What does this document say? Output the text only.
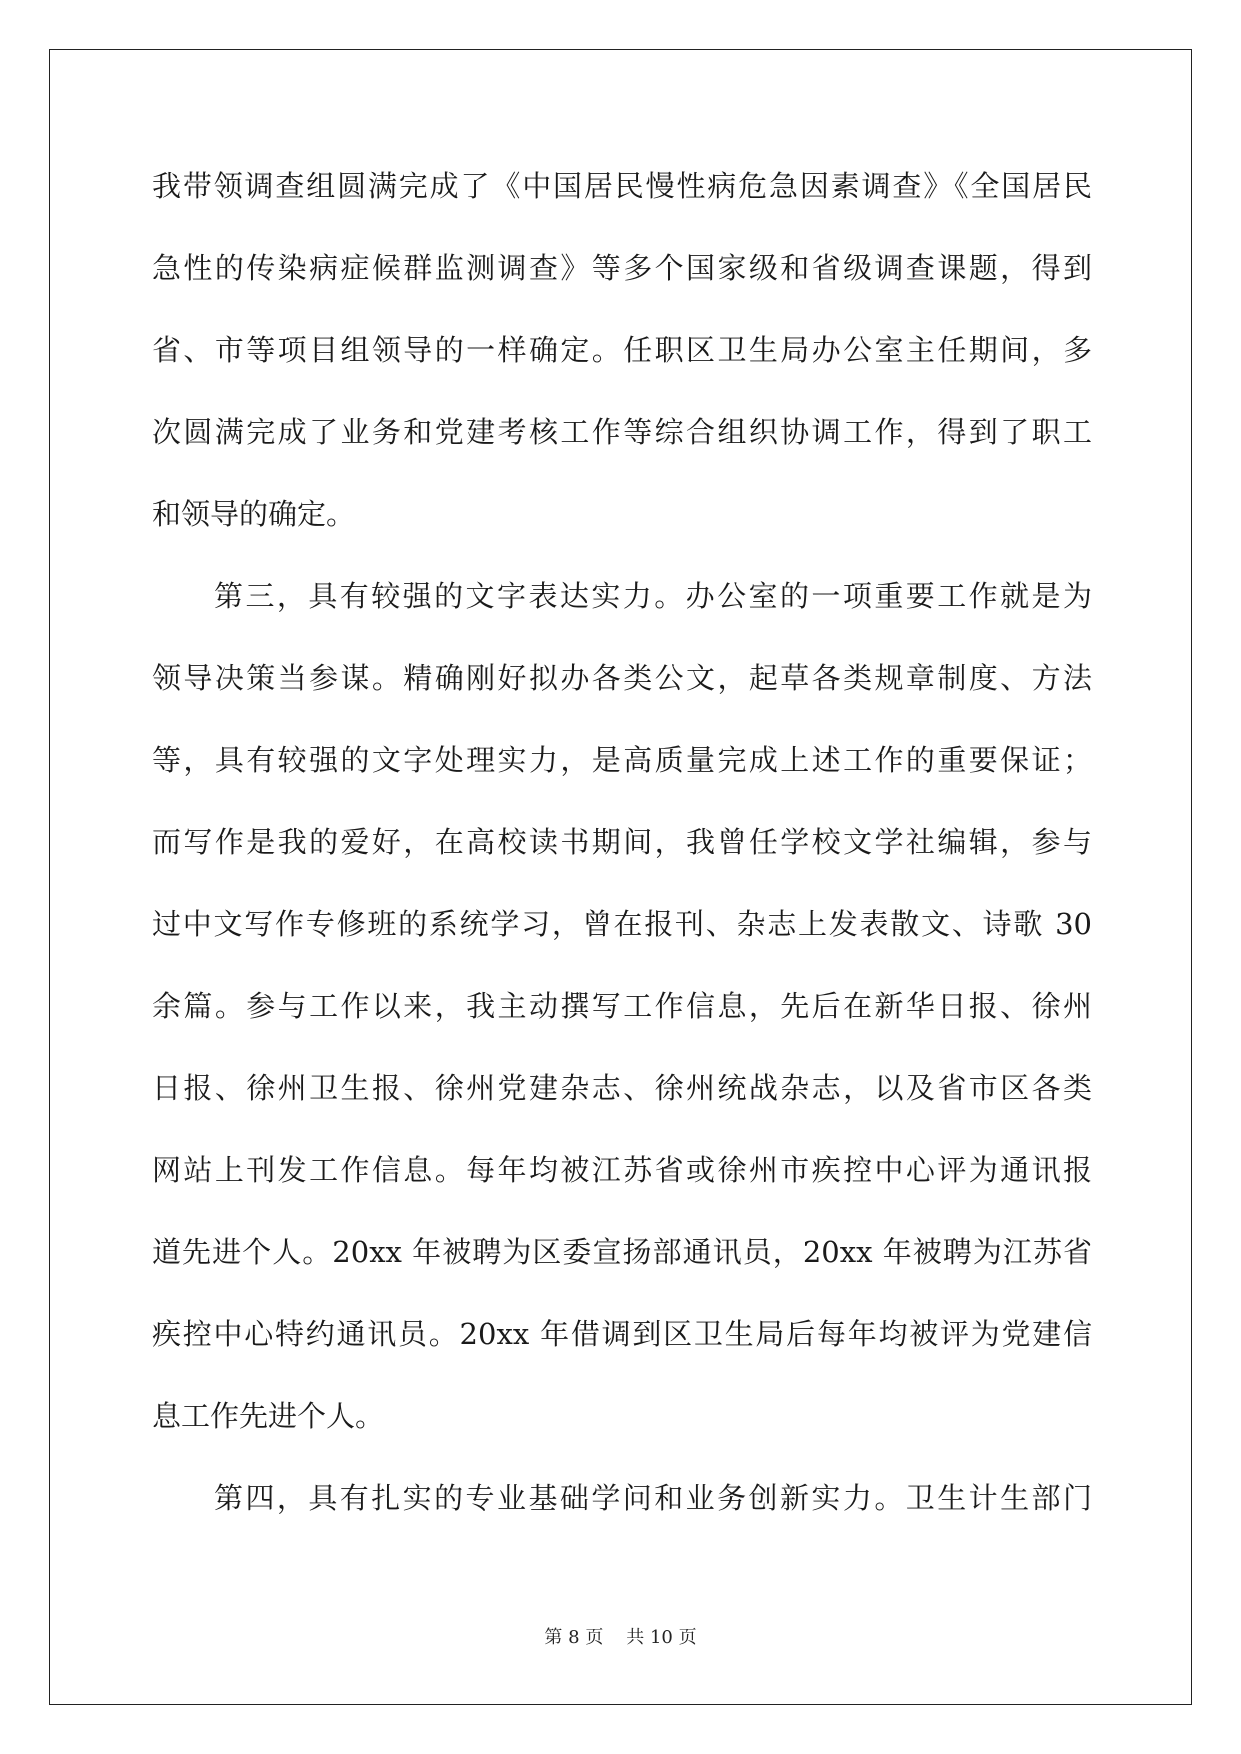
我带领调查组圆满完成了《中国居民慢性病危急因素调查》《全国居民
急性的传染病症候群监测调查》等多个国家级和省级调查课题，得到
省、市等项目组领导的一样确定。任职区卫生局办公室主任期间，多
次圆满完成了业务和党建考核工作等综合组织协调工作，得到了职工
和领导的确定。
第三，具有较强的文字表达实力。办公室的一项重要工作就是为
领导决策当参谋。精确刚好拟办各类公文，起草各类规章制度、方法
等，具有较强的文字处理实力，是高质量完成上述工作的重要保证；
而写作是我的爱好，在高校读书期间，我曾任学校文学社编辑，参与
过中文写作专修班的系统学习，曾在报刊、杂志上发表散文、诗歌 30
余篇。参与工作以来，我主动撰写工作信息，先后在新华日报、徐州
日报、徐州卫生报、徐州党建杂志、徐州统战杂志，以及省市区各类
网站上刊发工作信息。每年均被江苏省或徐州市疾控中心评为通讯报
道先进个人。20xx 年被聘为区委宣扬部通讯员，20xx 年被聘为江苏省
疾控中心特约通讯员。20xx 年借调到区卫生局后每年均被评为党建信
息工作先进个人。
第四，具有扎实的专业基础学问和业务创新实力。卫生计生部门
第 8 页 共 10 页
